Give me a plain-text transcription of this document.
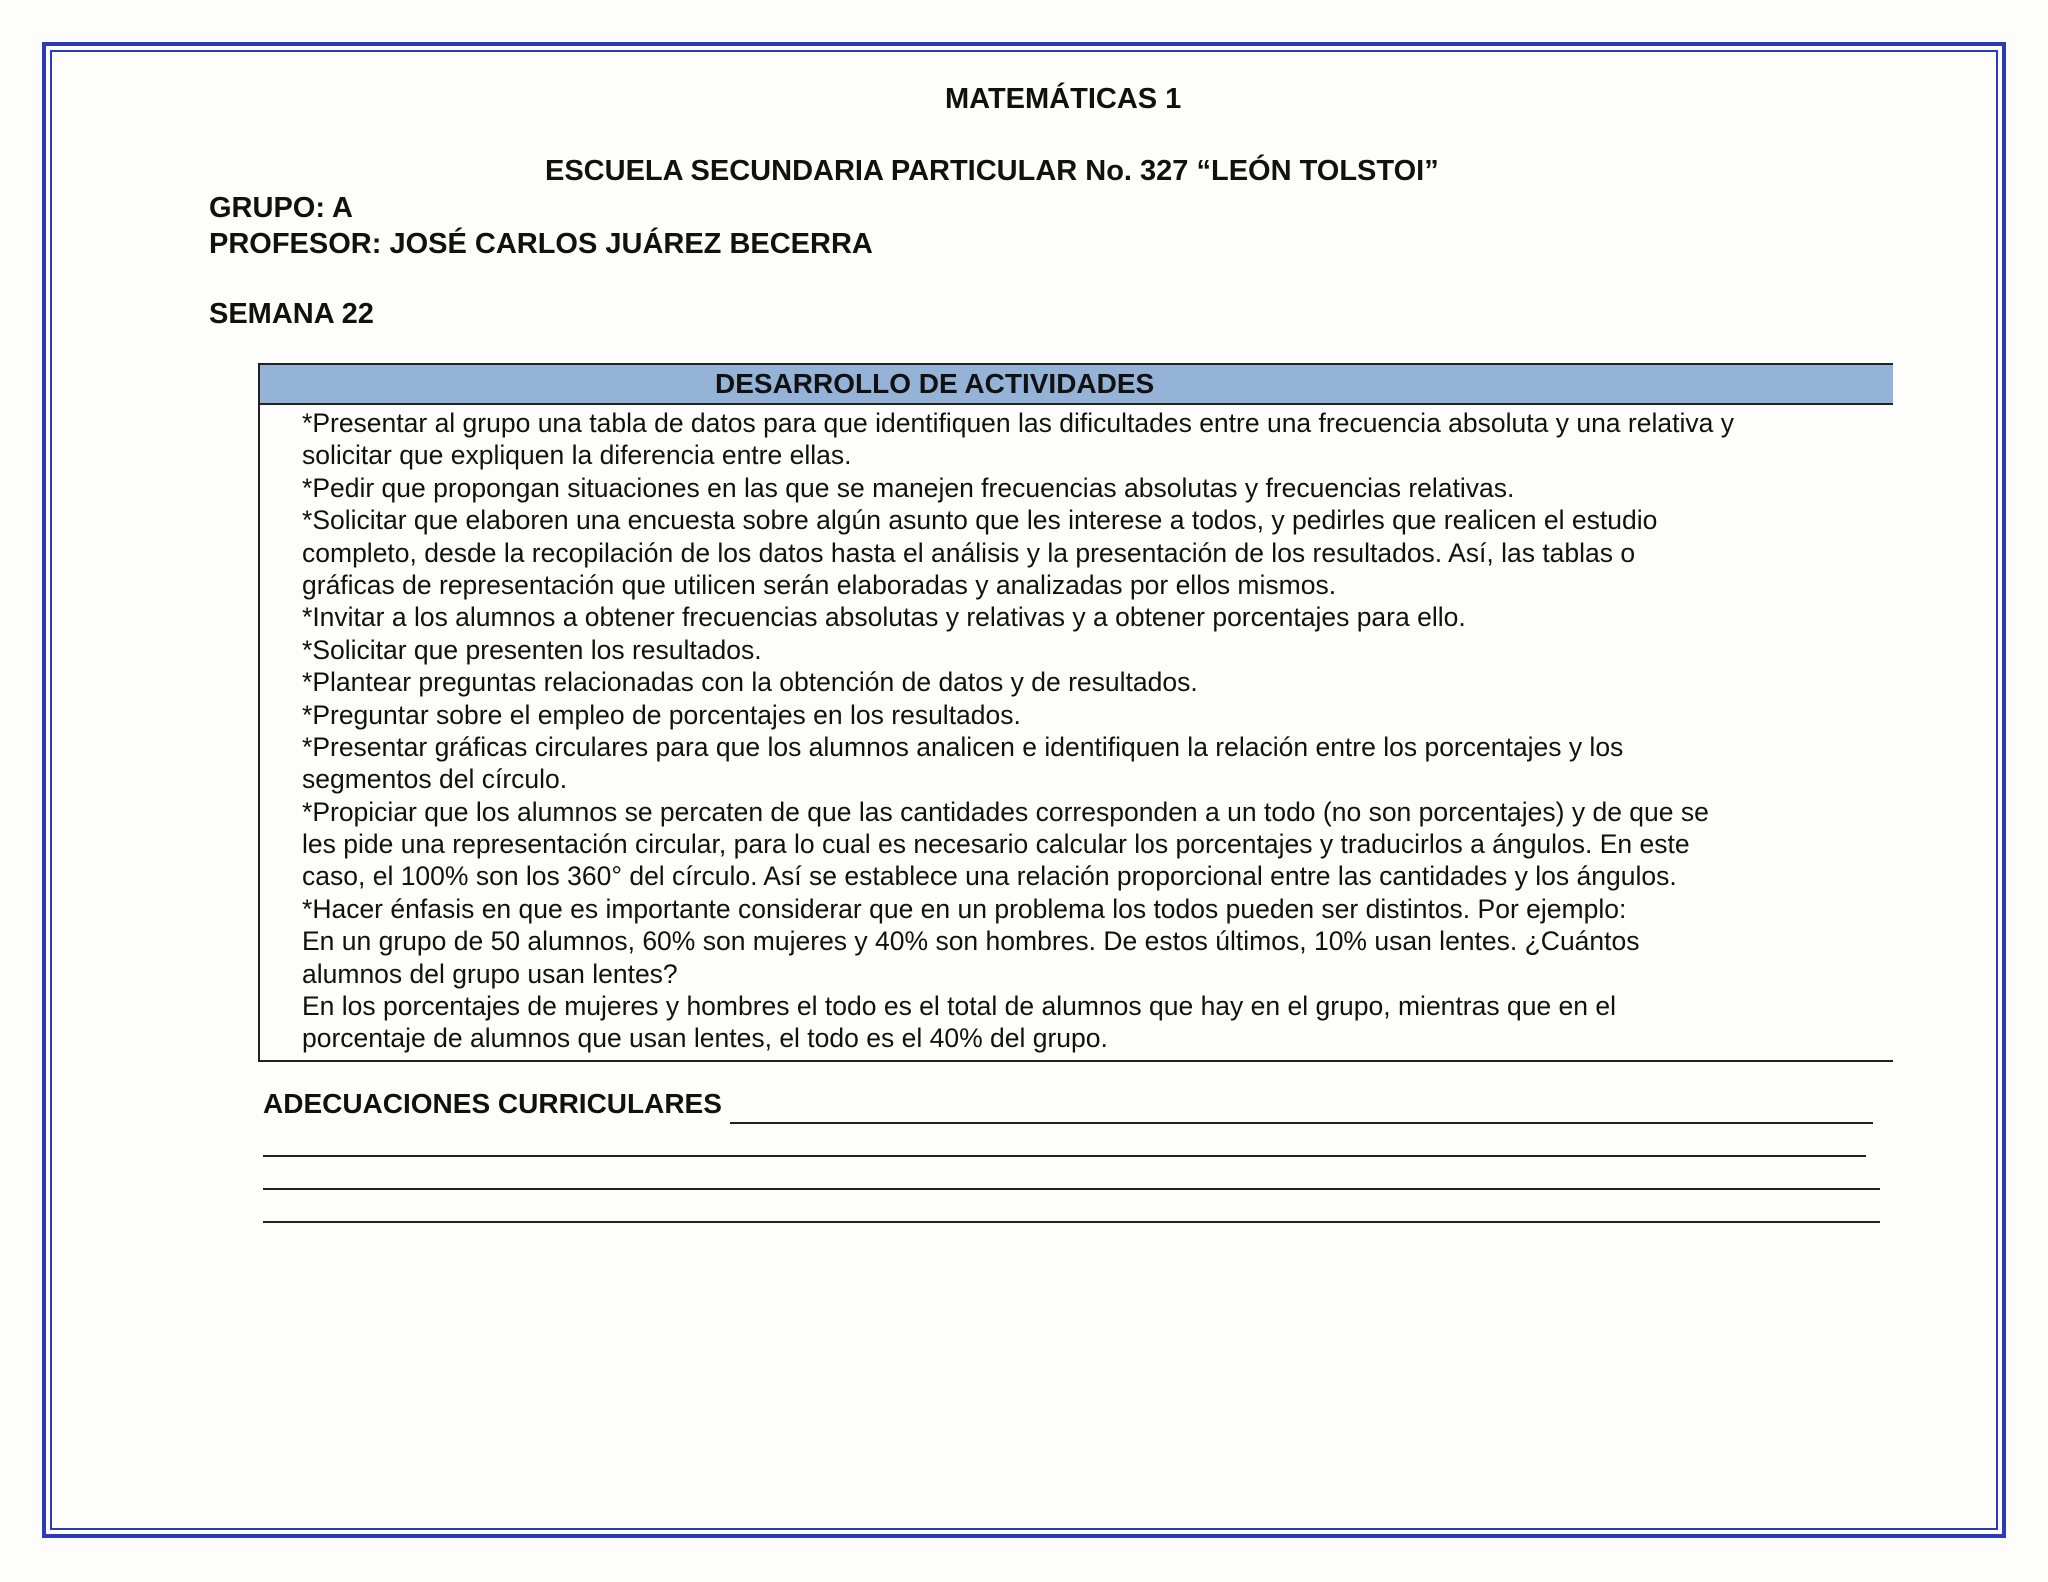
MATEMÁTICAS 1
ESCUELA SECUNDARIA PARTICULAR No. 327 “LEÓN TOLSTOI”
GRUPO: A
PROFESOR: JOSÉ CARLOS JUÁREZ BECERRA
SEMANA 22
DESARROLLO DE ACTIVIDADES
*Presentar al grupo una tabla de datos para que identifiquen las dificultades entre una frecuencia absoluta y una relativa y
solicitar que expliquen la diferencia entre ellas.
*Pedir que propongan situaciones en las que se manejen frecuencias absolutas y frecuencias relativas.
*Solicitar que elaboren una encuesta sobre algún asunto que les interese a todos, y pedirles que realicen el estudio
completo, desde la recopilación de los datos hasta el análisis y la presentación de los resultados. Así, las tablas o
gráficas de representación que utilicen serán elaboradas y analizadas por ellos mismos.
*Invitar a los alumnos a obtener frecuencias absolutas y relativas y a obtener porcentajes para ello.
*Solicitar que presenten los resultados.
*Plantear preguntas relacionadas con la obtención de datos y de resultados.
*Preguntar sobre el empleo de porcentajes en los resultados.
*Presentar gráficas circulares para que los alumnos analicen e identifiquen la relación entre los porcentajes y los
segmentos del círculo.
*Propiciar que los alumnos se percaten de que las cantidades corresponden a un todo (no son porcentajes) y de que se
les pide una representación circular, para lo cual es necesario calcular los porcentajes y traducirlos a ángulos. En este
caso, el 100% son los 360° del círculo. Así se establece una relación proporcional entre las cantidades y los ángulos.
*Hacer énfasis en que es importante considerar que en un problema los todos pueden ser distintos. Por ejemplo:
En un grupo de 50 alumnos, 60% son mujeres y 40% son hombres. De estos últimos, 10% usan lentes. ¿Cuántos
alumnos del grupo usan lentes?
En los porcentajes de mujeres y hombres el todo es el total de alumnos que hay en el grupo, mientras que en el
porcentaje de alumnos que usan lentes, el todo es el 40% del grupo.
ADECUACIONES CURRICULARES
